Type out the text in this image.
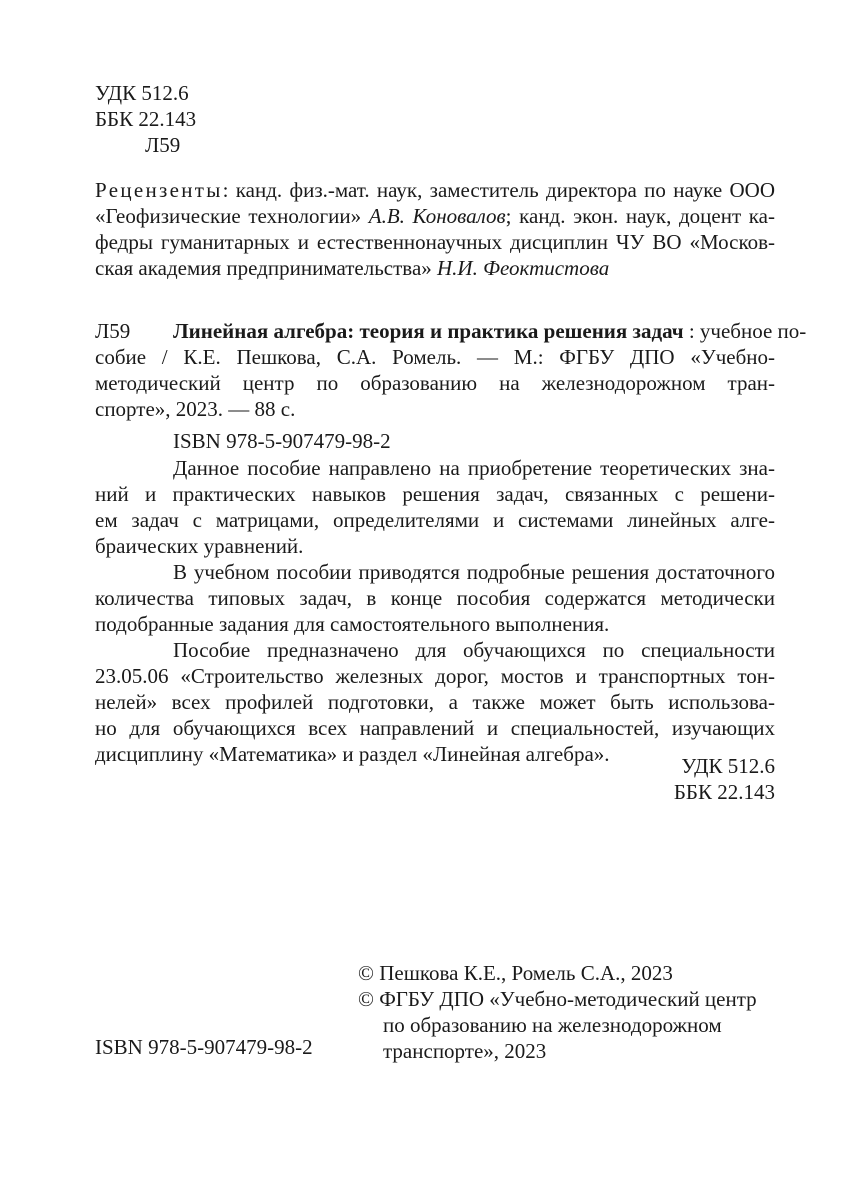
УДК 512.6
ББК 22.143
Л59
Рецензенты: канд. физ.-мат. наук, заместитель директора по науке ООО
«Геофизические технологии» А.В. Коновалов; канд. экон. наук, доцент ка-
федры гуманитарных и естественнонаучных дисциплин ЧУ ВО «Москов-
ская академия предпринимательства» Н.И. Феоктистова
Л59 Линейная алгебра: теория и практика решения задач : учебное по-
собие / К.Е. Пешкова, С.А. Ромель. — М.: ФГБУ ДПО «Учебно-
методический центр по образованию на железнодорожном тран-
спорте», 2023. — 88 с.
ISBN 978-5-907479-98-2
Данное пособие направлено на приобретение теоретических зна-
ний и практических навыков решения задач, связанных с решени-
ем задач с матрицами, определителями и системами линейных алге-
браических уравнений.
В учебном пособии приводятся подробные решения достаточного
количества типовых задач, в конце пособия содержатся методически
подобранные задания для самостоятельного выполнения.
Пособие предназначено для обучающихся по специальности
23.05.06 «Строительство железных дорог, мостов и транспортных тон-
нелей» всех профилей подготовки, а также может быть использова-
но для обучающихся всех направлений и специальностей, изучающих
дисциплину «Математика» и раздел «Линейная алгебра».	УДК 512.6
ББК 22.143
© Пешкова К.Е., Ромель С.А., 2023
© ФГБУ ДПО «Учебно-методический центр
по образованию на железнодорожном
транспорте», 2023
ISBN 978-5-907479-98-2
